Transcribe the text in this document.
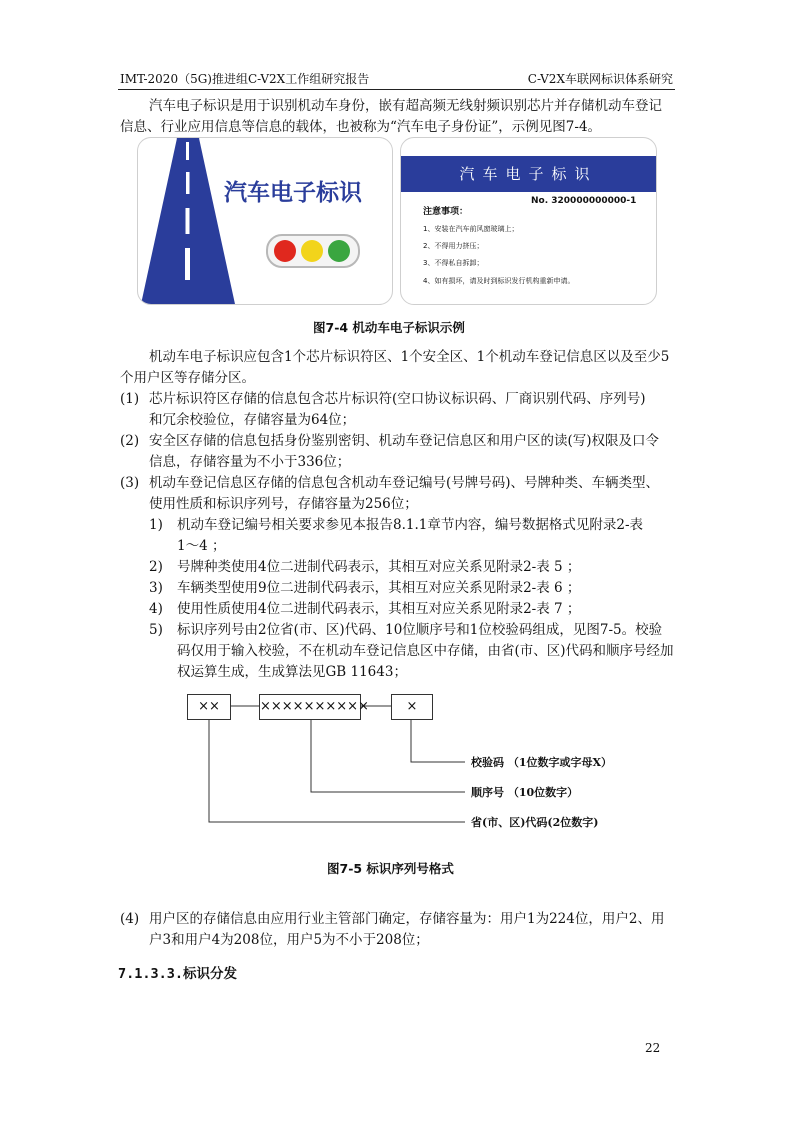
IMT-2020（5G)推进组C-V2X工作组研究报告	C-V2X车联网标识体系研究
汽车电子标识是用于识别机动车身份，嵌有超高频无线射频识别芯片并存储机动车登记
信息、行业应用信息等信息的载体，也被称为“汽车电子身份证”，示例见图7-4。
汽车电子标识
汽车电子标识
No. 320000000000-1
注意事项：
1、安装在汽车前风窗玻璃上；
2、不得用力挤压；
3、不得私自拆卸；
4、如有损坏，请及时到标识发行机构重新申请。
图7-4 机动车电子标识示例
机动车电子标识应包含1个芯片标识符区、1个安全区、1个机动车登记信息区以及至少5
个用户区等存储分区。
(1) 芯片标识符区存储的信息包含芯片标识符(空口协议标识码、厂商识别代码、序列号)
和冗余校验位，存储容量为64位；
(2) 安全区存储的信息包括身份鉴别密钥、机动车登记信息区和用户区的读(写)权限及口令
信息，存储容量为不小于336位；
(3) 机动车登记信息区存储的信息包含机动车登记编号(号牌号码)、号牌种类、车辆类型、
使用性质和标识序列号，存储容量为256位；
1) 机动车登记编号相关要求参见本报告8.1.1章节内容，编号数据格式见附录2-表
1～4 ；
2) 号牌种类使用4位二进制代码表示，其相互对应关系见附录2-表 5 ；
3) 车辆类型使用9位二进制代码表示，其相互对应关系见附录2-表 6 ；
4) 使用性质使用4位二进制代码表示，其相互对应关系见附录2-表 7 ；
5) 标识序列号由2位省(市、区)代码、10位顺序号和1位校验码组成，见图7-5。校验
码仅用于输入校验，不在机动车登记信息区中存储，由省(市、区)代码和顺序号经加
权运算生成，生成算法见GB 11643；
××	××××××××××	×
校验码 （1位数字或字母X）
顺序号 （10位数字）
省(市、区)代码(2位数字)
图7-5 标识序列号格式
(4) 用户区的存储信息由应用行业主管部门确定，存储容量为：用户1为224位，用户2、用
户3和用户4为208位，用户5为不小于208位；
7.1.3.3.标识分发
22
